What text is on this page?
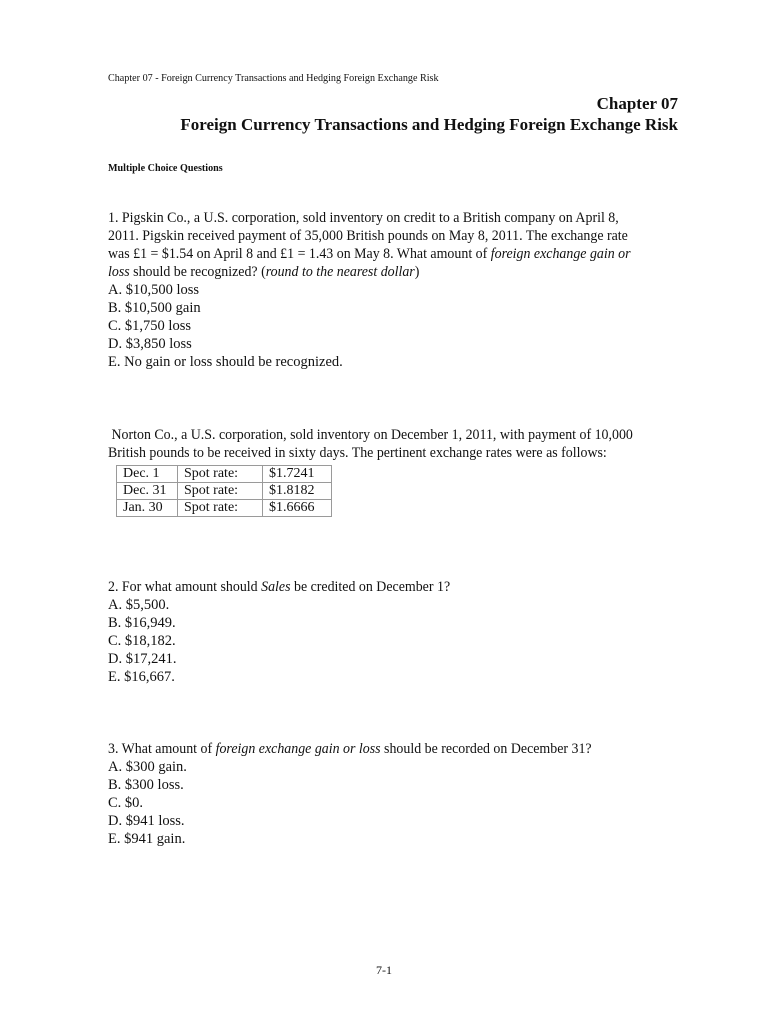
Chapter 07 - Foreign Currency Transactions and Hedging Foreign Exchange Risk
Chapter 07
Foreign Currency Transactions and Hedging Foreign Exchange Risk
Multiple Choice Questions
1. Pigskin Co., a U.S. corporation, sold inventory on credit to a British company on April 8,
2011. Pigskin received payment of 35,000 British pounds on May 8, 2011. The exchange rate
was £1 = $1.54 on April 8 and £1 = 1.43 on May 8. What amount of foreign exchange gain or
loss should be recognized? (round to the nearest dollar)
A. $10,500 loss
B. $10,500 gain
C. $1,750 loss
D. $3,850 loss
E. No gain or loss should be recognized.
Norton Co., a U.S. corporation, sold inventory on December 1, 2011, with payment of 10,000
British pounds to be received in sixty days. The pertinent exchange rates were as follows:
Dec. 1	Spot rate:	$1.7241
Dec. 31	Spot rate:	$1.8182
Jan. 30	Spot rate:	$1.6666
2. For what amount should Sales be credited on December 1?
A. $5,500.
B. $16,949.
C. $18,182.
D. $17,241.
E. $16,667.
3. What amount of foreign exchange gain or loss should be recorded on December 31?
A. $300 gain.
B. $300 loss.
C. $0.
D. $941 loss.
E. $941 gain.
7-1
